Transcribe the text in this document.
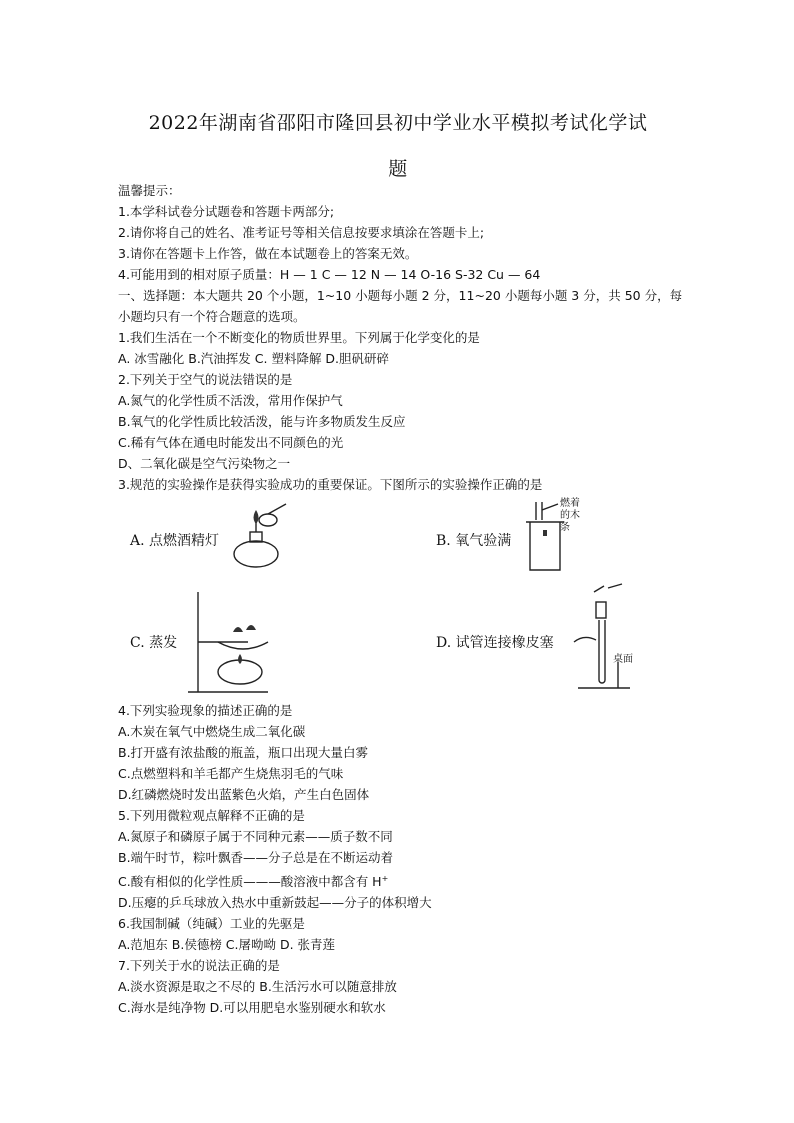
2022年湖南省邵阳市隆回县初中学业水平模拟考试化学试
题
温馨提示：
1.本学科试卷分试题卷和答题卡两部分;
2.请你将自己的姓名、准考证号等相关信息按要求填涂在答题卡上;
3.请你在答题卡上作答，做在本试题卷上的答案无效。
4.可能用到的相对原子质量：H — 1 C — 12 N — 14 O-16 S-32 Cu — 64
一、选择题：本大题共 20 个小题，1~10 小题每小题 2 分，11~20 小题每小题 3 分，共 50 分，每小题均只有一个符合题意的选项。
1.我们生活在一个不断变化的物质世界里。下列属于化学变化的是
A. 冰雪融化 B.汽油挥发 C. 塑料降解 D.胆矾研碎
2.下列关于空气的说法错误的是
A.氮气的化学性质不活泼，常用作保护气
B.氧气的化学性质比较活泼，能与许多物质发生反应
C.稀有气体在通电时能发出不同颜色的光
D、二氧化碳是空气污染物之一
3.规范的实验操作是获得实验成功的重要保证。下图所示的实验操作正确的是
A. 点燃酒精灯	B. 氧气验满
C. 蒸发	D. 试管连接橡皮塞
燃着的木条
桌面
4.下列实验现象的描述正确的是
A.木炭在氧气中燃烧生成二氧化碳
B.打开盛有浓盐酸的瓶盖，瓶口出现大量白雾
C.点燃塑料和羊毛都产生烧焦羽毛的气味
D.红磷燃烧时发出蓝紫色火焰，产生白色固体
5.下列用微粒观点解释不正确的是
A.氮原子和磷原子属于不同种元素——质子数不同
B.端午时节，粽叶飘香——分子总是在不断运动着
C.酸有相似的化学性质———酸溶液中都含有 H+
D.压瘪的乒乓球放入热水中重新鼓起——分子的体积增大
6.我国制碱（纯碱）工业的先驱是
A.范旭东 B.侯德榜 C.屠呦呦 D. 张青莲
7.下列关于水的说法正确的是
A.淡水资源是取之不尽的 B.生活污水可以随意排放
C.海水是纯净物 D.可以用肥皂水鉴别硬水和软水
